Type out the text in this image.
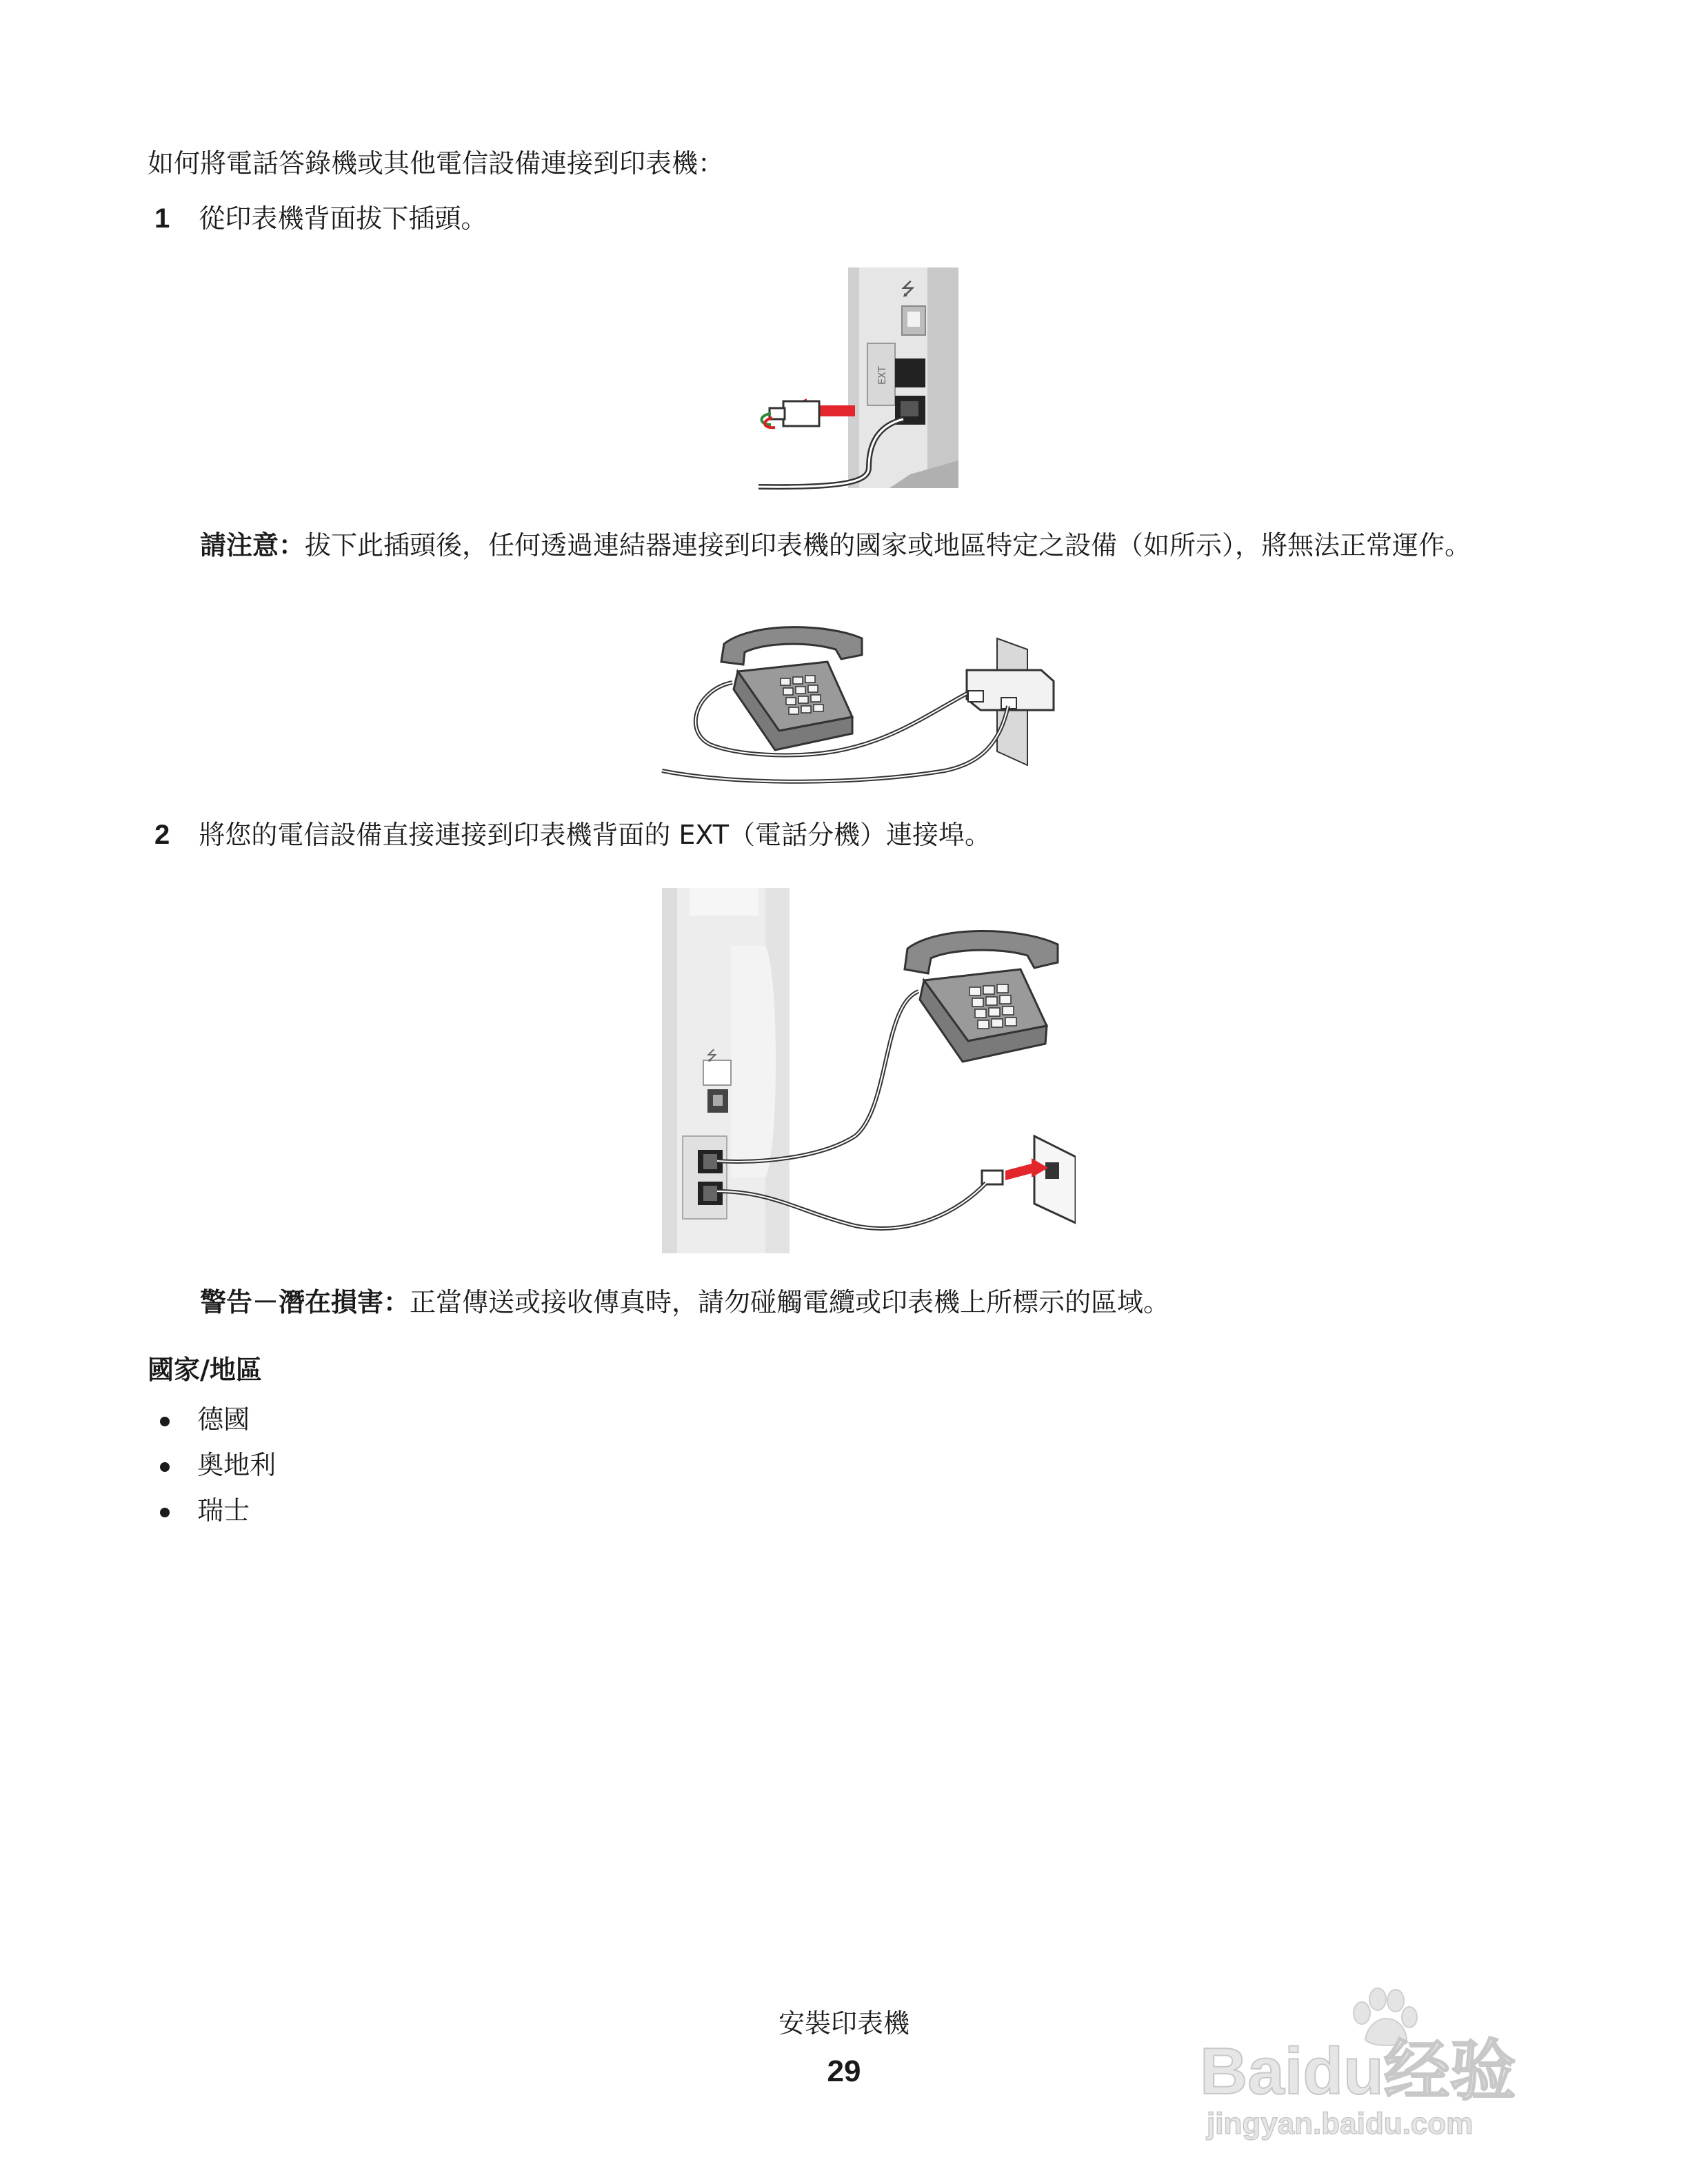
如何將電話答錄機或其他電信設備連接到印表機：
1 從印表機背面拔下插頭。
⭍
EXT
請注意：拔下此插頭後，任何透過連結器連接到印表機的國家或地區特定之設備（如所示），將無法正常運作。
2 將您的電信設備直接連接到印表機背面的 EXT（電話分機）連接埠。
⭍
警告－潛在損害：正當傳送或接收傳真時，請勿碰觸電纜或印表機上所標示的區域。
國家/地區
德國
奧地利
瑞士
安裝印表機
29	Baidu经验
jingyan.baidu.com
